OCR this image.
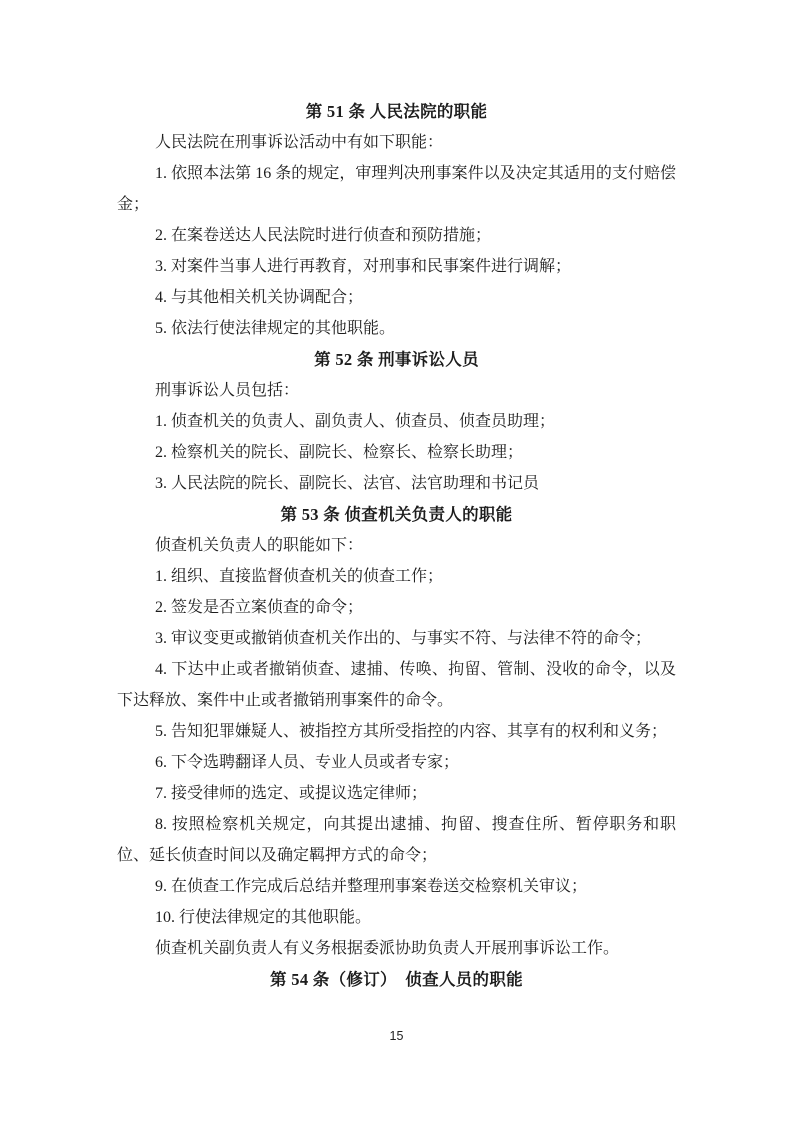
第 51 条 人民法院的职能

人民法院在刑事诉讼活动中有如下职能：

1. 依照本法第 16 条的规定，审理判决刑事案件以及决定其适用的支付赔偿金；

2. 在案卷送达人民法院时进行侦查和预防措施；

3. 对案件当事人进行再教育，对刑事和民事案件进行调解；

4. 与其他相关机关协调配合；

5. 依法行使法律规定的其他职能。

第 52 条 刑事诉讼人员

刑事诉讼人员包括：

1. 侦查机关的负责人、副负责人、侦查员、侦查员助理；

2. 检察机关的院长、副院长、检察长、检察长助理；

3. 人民法院的院长、副院长、法官、法官助理和书记员

第 53 条 侦查机关负责人的职能

侦查机关负责人的职能如下：

1. 组织、直接监督侦查机关的侦查工作；

2. 签发是否立案侦查的命令；

3. 审议变更或撤销侦查机关作出的、与事实不符、与法律不符的命令；

4. 下达中止或者撤销侦查、逮捕、传唤、拘留、管制、没收的命令，以及下达释放、案件中止或者撤销刑事案件的命令。

5. 告知犯罪嫌疑人、被指控方其所受指控的内容、其享有的权利和义务；

6. 下令选聘翻译人员、专业人员或者专家；

7. 接受律师的选定、或提议选定律师；

8. 按照检察机关规定，向其提出逮捕、拘留、搜查住所、暂停职务和职位、延长侦查时间以及确定羁押方式的命令；

9. 在侦查工作完成后总结并整理刑事案卷送交检察机关审议；

10. 行使法律规定的其他职能。

侦查机关副负责人有义务根据委派协助负责人开展刑事诉讼工作。

第 54 条（修订）　侦查人员的职能
15
